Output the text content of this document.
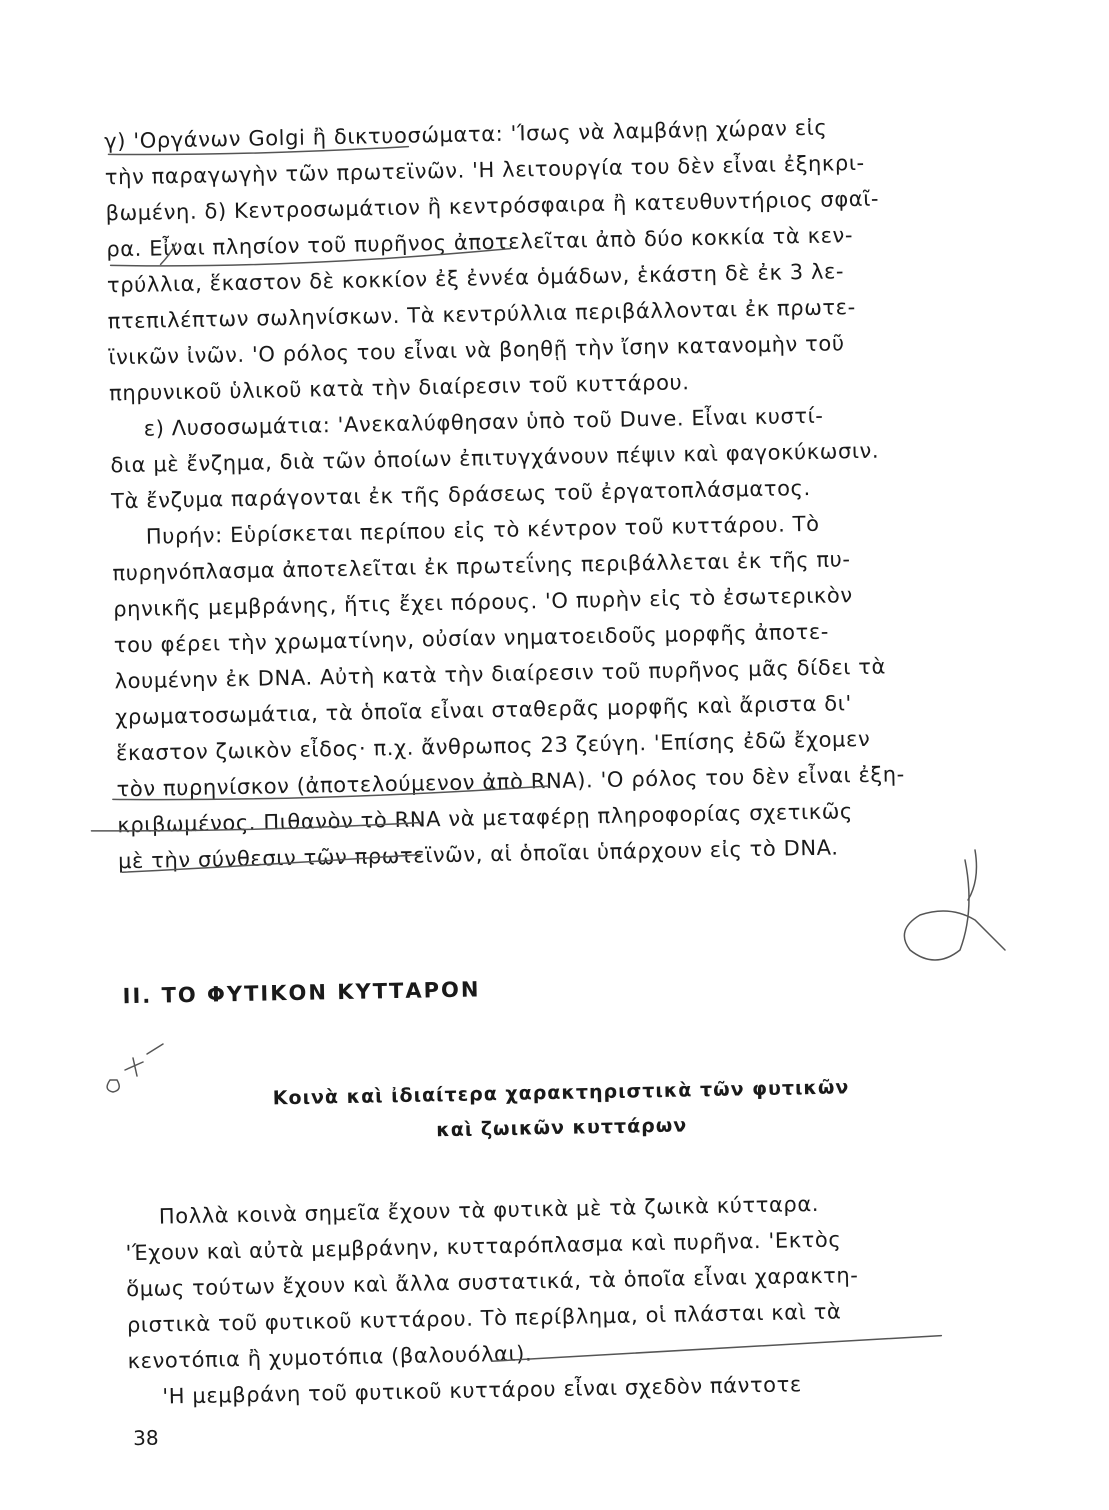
γ) 'Οργάνων Golgi ἢ δικτυοσώματα: 'Ίσως νὰ λαμβάνῃ χώραν εἰς
τὴν παραγωγὴν τῶν πρωτεϊνῶν. 'Η λειτουργία του δὲν εἶναι ἐξηκρι-
βωμένη. δ) Κεντροσωμάτιον ἢ κεντρόσφαιρα ἢ κατευθυντήριος σφαῖ-
ρα. Εἶναι πλησίον τοῦ πυρῆνος ἀποτελεῖται ἀπὸ δύο κοκκία τὰ κεν-
τρύλλια, ἕκαστον δὲ κοκκίον ἐξ ἐννέα ὁμάδων, ἑκάστη δὲ ἐκ 3 λε-
πτεπιλέπτων σωληνίσκων. Τὰ κεντρύλλια περιβάλλονται ἐκ πρωτε-
ϊνικῶν ἰνῶν. 'Ο ρόλος του εἶναι νὰ βοηθῇ τὴν ἴσην κατανομὴν τοῦ
πηρυνικοῦ ὑλικοῦ κατὰ τὴν διαίρεσιν τοῦ κυττάρου.
ε) Λυσοσωμάτια: 'Ανεκαλύφθησαν ὑπὸ τοῦ Duve. Εἶναι κυστί-
δια μὲ ἔνζημα, διὰ τῶν ὁποίων ἐπιτυγχάνουν πέψιν καὶ φαγοκύκωσιν.
Τὰ ἔνζυμα παράγονται ἐκ τῆς δράσεως τοῦ ἐργατοπλάσματος.
Πυρήν: Εὑρίσκεται περίπου εἰς τὸ κέντρον τοῦ κυττάρου. Τὸ
πυρηνόπλασμα ἀποτελεῖται ἐκ πρωτεΐνης περιβάλλεται ἐκ τῆς πυ-
ρηνικῆς μεμβράνης, ἥτις ἔχει πόρους. 'Ο πυρὴν εἰς τὸ ἐσωτερικὸν
του φέρει τὴν χρωματίνην, οὐσίαν νηματοειδοῦς μορφῆς ἀποτε-
λουμένην ἐκ DNA. Αὐτὴ κατὰ τὴν διαίρεσιν τοῦ πυρῆνος μᾶς δίδει τὰ
χρωματοσωμάτια, τὰ ὁποῖα εἶναι σταθερᾶς μορφῆς καὶ ἄριστα δι'
ἕκαστον ζωικὸν εἶδος· π.χ. ἄνθρωπος 23 ζεύγη. 'Επίσης ἐδῶ ἔχομεν
τὸν πυρηνίσκον (ἀποτελούμενον ἀπὸ RNA). 'Ο ρόλος του δὲν εἶναι ἐξη-
κριβωμένος. Πιθανὸν τὸ RNA νὰ μεταφέρῃ πληροφορίας σχετικῶς
μὲ τὴν σύνθεσιν τῶν πρωτεϊνῶν, αἱ ὁποῖαι ὑπάρχουν εἰς τὸ DNA.
II. ΤΟ ΦΥΤΙΚΟΝ ΚΥΤΤΑΡΟΝ
Κοινὰ καὶ ἰδιαίτερα χαρακτηριστικὰ τῶν φυτικῶν
καὶ ζωικῶν κυττάρων
Πολλὰ κοινὰ σημεῖα ἔχουν τὰ φυτικὰ μὲ τὰ ζωικὰ κύτταρα.
'Έχουν καὶ αὐτὰ μεμβράνην, κυτταρόπλασμα καὶ πυρῆνα. 'Εκτὸς
ὅμως τούτων ἔχουν καὶ ἄλλα συστατικά, τὰ ὁποῖα εἶναι χαρακτη-
ριστικὰ τοῦ φυτικοῦ κυττάρου. Τὸ περίβλημα, οἱ πλάσται καὶ τὰ
κενοτόπια ἢ χυμοτόπια (βαλουόλαι).
'Η μεμβράνη τοῦ φυτικοῦ κυττάρου εἶναι σχεδὸν πάντοτε
38
